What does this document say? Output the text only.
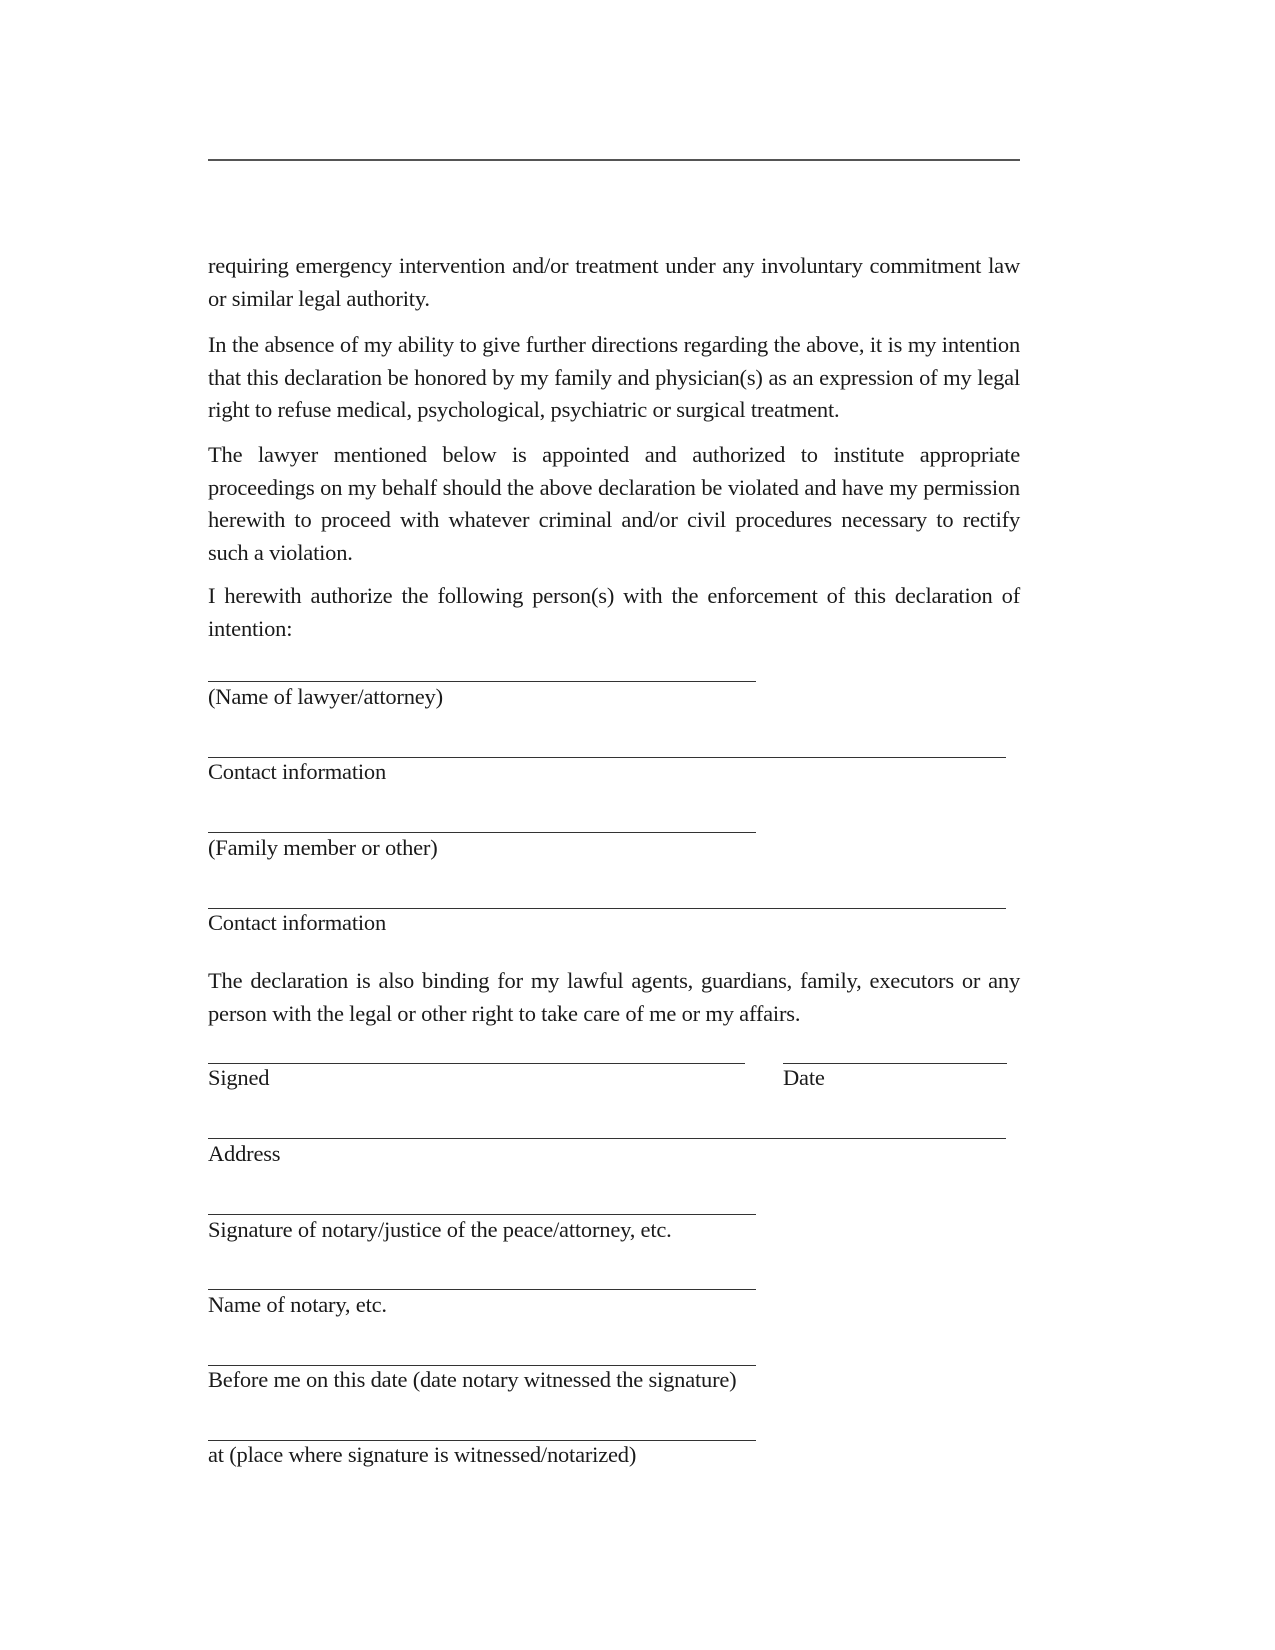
requiring emergency intervention and/or treatment under any involuntary commitment law or similar legal authority.

In the absence of my ability to give further directions regarding the above, it is my intention that this declaration be honored by my family and physician(s) as an expression of my legal right to refuse medical, psychological, psychiatric or surgical treatment.

The lawyer mentioned below is appointed and authorized to institute appropriate proceedings on my behalf should the above declaration be violated and have my permission herewith to proceed with whatever criminal and/or civil procedures necessary to rectify such a violation.

I herewith authorize the following person(s) with the enforcement of this declaration of intention:

(Name of lawyer/attorney)

Contact information

(Family member or other)

Contact information

The declaration is also binding for my lawful agents, guardians, family, executors or any person with the legal or other right to take care of me or my affairs.

Signed	Date

Address

Signature of notary/justice of the peace/attorney, etc.

Name of notary, etc.

Before me on this date (date notary witnessed the signature)

at (place where signature is witnessed/notarized)
